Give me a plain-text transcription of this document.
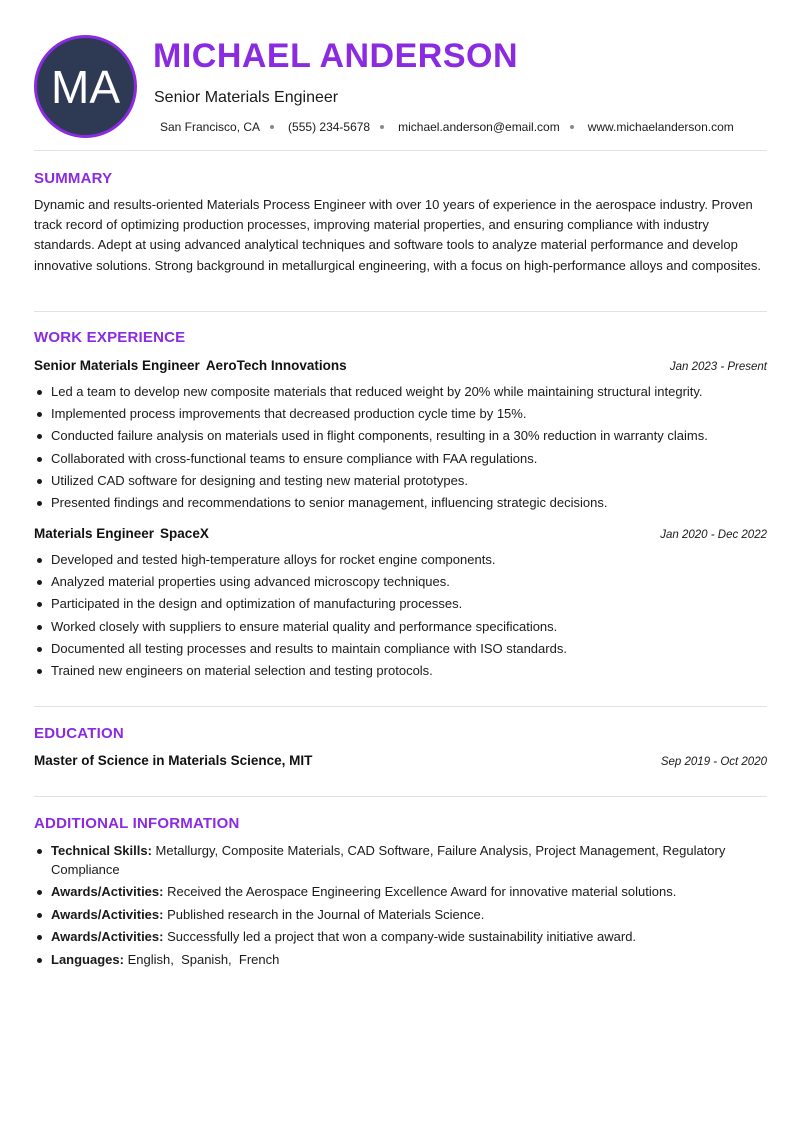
MA
MICHAEL ANDERSON
Senior Materials Engineer
San Francisco, CA (555) 234-5678 michael.anderson@email.com www.michaelanderson.com
SUMMARY
Dynamic and results-oriented Materials Process Engineer with over 10 years of experience in the aerospace industry. Proven track record of optimizing production processes, improving material properties, and ensuring compliance with industry standards. Adept at using advanced analytical techniques and software tools to analyze material performance and develop innovative solutions. Strong background in metallurgical engineering, with a focus on high-performance alloys and composites.
WORK EXPERIENCE
Senior Materials Engineer AeroTech Innovations	Jan 2023 - Present
Led a team to develop new composite materials that reduced weight by 20% while maintaining structural integrity.
Implemented process improvements that decreased production cycle time by 15%.
Conducted failure analysis on materials used in flight components, resulting in a 30% reduction in warranty claims.
Collaborated with cross-functional teams to ensure compliance with FAA regulations.
Utilized CAD software for designing and testing new material prototypes.
Presented findings and recommendations to senior management, influencing strategic decisions.
Materials Engineer SpaceX	Jan 2020 - Dec 2022
Developed and tested high-temperature alloys for rocket engine components.
Analyzed material properties using advanced microscopy techniques.
Participated in the design and optimization of manufacturing processes.
Worked closely with suppliers to ensure material quality and performance specifications.
Documented all testing processes and results to maintain compliance with ISO standards.
Trained new engineers on material selection and testing protocols.
EDUCATION
Master of Science in Materials Science, MIT	Sep 2019 - Oct 2020
ADDITIONAL INFORMATION
Technical Skills: Metallurgy, Composite Materials, CAD Software, Failure Analysis, Project Management, Regulatory Compliance
Awards/Activities: Received the Aerospace Engineering Excellence Award for innovative material solutions.
Awards/Activities: Published research in the Journal of Materials Science.
Awards/Activities: Successfully led a project that won a company-wide sustainability initiative award.
Languages: English,  Spanish,  French
